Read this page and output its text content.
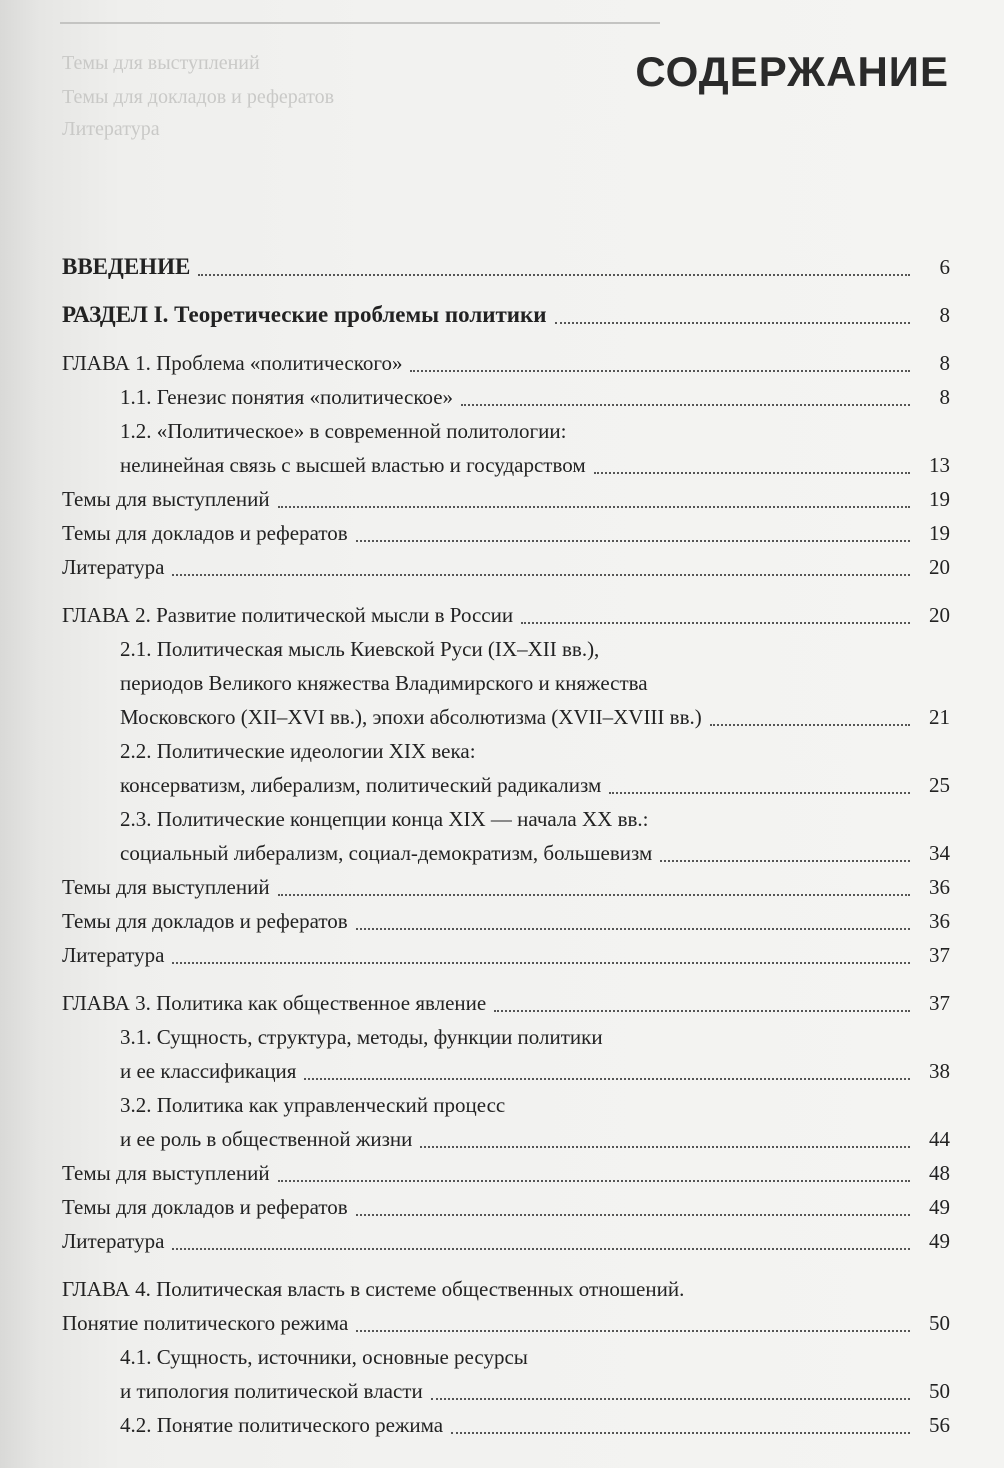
Темы для выступлений
Темы для докладов и рефератов
Литература
СОДЕРЖАНИЕ
ВВЕДЕНИЕ	6
РАЗДЕЛ I. Теоретические проблемы политики	8
ГЛАВА 1. Проблема «политического»	8
1.1. Генезис понятия «политическое»	8
1.2. «Политическое» в современной политологии:
нелинейная связь с высшей властью и государством	13
Темы для выступлений	19
Темы для докладов и рефератов	19
Литература	20
ГЛАВА 2. Развитие политической мысли в России	20
2.1. Политическая мысль Киевской Руси (IX–XII вв.),
периодов Великого княжества Владимирского и княжества
Московского (XII–XVI вв.), эпохи абсолютизма (XVII–XVIII вв.)	21
2.2. Политические идеологии XIX века:
консерватизм, либерализм, политический радикализм	25
2.3. Политические концепции конца XIX — начала XX вв.:
социальный либерализм, социал-демократизм, большевизм	34
Темы для выступлений	36
Темы для докладов и рефератов	36
Литература	37
ГЛАВА 3. Политика как общественное явление	37
3.1. Сущность, структура, методы, функции политики
и ее классификация	38
3.2. Политика как управленческий процесс
и ее роль в общественной жизни	44
Темы для выступлений	48
Темы для докладов и рефератов	49
Литература	49
ГЛАВА 4. Политическая власть в системе общественных отношений.
Понятие политического режима	50
4.1. Сущность, источники, основные ресурсы
и типология политической власти	50
4.2. Понятие политического режима	56
